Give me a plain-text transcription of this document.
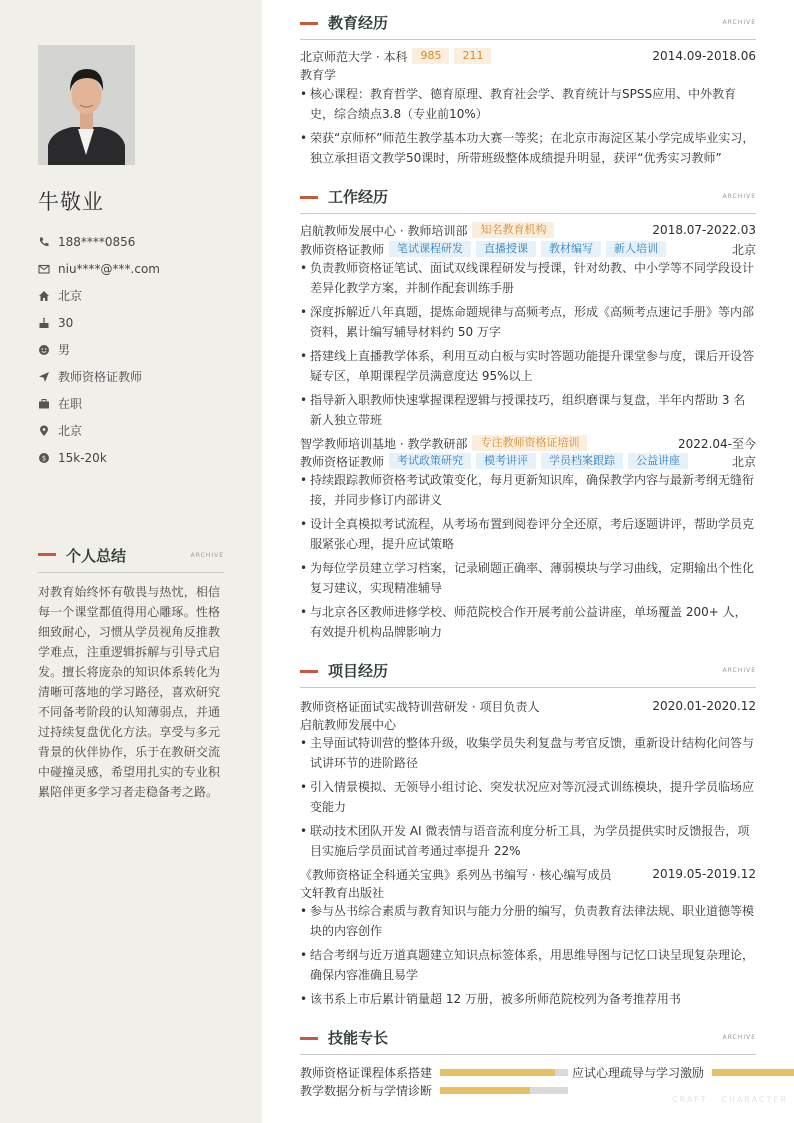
牛敬业
188****0856
niu****@***.com
北京
30
男
教师资格证教师
在职
北京
$ 15k-20k
个人总结	ARCHIVE
对教育始终怀有敬畏与热忱，相信每一个课堂都值得用心雕琢。性格细致耐心，习惯从学员视角反推教学难点，注重逻辑拆解与引导式启发。擅长将庞杂的知识体系转化为清晰可落地的学习路径，喜欢研究不同备考阶段的认知薄弱点，并通过持续复盘优化方法。享受与多元背景的伙伴协作，乐于在教研交流中碰撞灵感，希望用扎实的专业积累陪伴更多学习者走稳备考之路。
教育经历	ARCHIVE
北京师范大学 · 本科	985	211	2014.09-2018.06
教育学
• 核心课程：教育哲学、德育原理、教育社会学、教育统计与SPSS应用、中外教育史，综合绩点3.8（专业前10%）
• 荣获“京师杯”师范生教学基本功大赛一等奖；在北京市海淀区某小学完成毕业实习，独立承担语文教学50课时，所带班级整体成绩提升明显，获评“优秀实习教师”
工作经历	ARCHIVE
启航教师发展中心 · 教师培训部	知名教育机构	2018.07-2022.03
教师资格证教师	笔试课程研发	直播授课	教材编写	新人培训	北京
• 负责教师资格证笔试、面试双线课程研发与授课，针对幼教、中小学等不同学段设计差异化教学方案，并制作配套训练手册
• 深度拆解近八年真题，提炼命题规律与高频考点，形成《高频考点速记手册》等内部资料，累计编写辅导材料约 50 万字
• 搭建线上直播教学体系，利用互动白板与实时答题功能提升课堂参与度，课后开设答疑专区，单期课程学员满意度达 95%以上
• 指导新入职教师快速掌握课程逻辑与授课技巧，组织磨课与复盘，半年内帮助 3 名新人独立带班
智学教师培训基地 · 教学教研部	专注教师资格证培训	2022.04-至今
教师资格证教师	考试政策研究	模考讲评	学员档案跟踪	公益讲座	北京
• 持续跟踪教师资格考试政策变化，每月更新知识库，确保教学内容与最新考纲无缝衔接，并同步修订内部讲义
• 设计全真模拟考试流程，从考场布置到阅卷评分全还原，考后逐题讲评，帮助学员克服紧张心理，提升应试策略
• 为每位学员建立学习档案，记录刷题正确率、薄弱模块与学习曲线，定期输出个性化复习建议，实现精准辅导
• 与北京各区教师进修学校、师范院校合作开展考前公益讲座，单场覆盖 200+ 人，有效提升机构品牌影响力
项目经历	ARCHIVE
教师资格证面试实战特训营研发 · 项目负责人	2020.01-2020.12
启航教师发展中心
• 主导面试特训营的整体升级，收集学员失利复盘与考官反馈，重新设计结构化问答与试讲环节的进阶路径
• 引入情景模拟、无领导小组讨论、突发状况应对等沉浸式训练模块，提升学员临场应变能力
• 联动技术团队开发 AI 微表情与语音流利度分析工具，为学员提供实时反馈报告，项目实施后学员面试首考通过率提升 22%
《教师资格证全科通关宝典》系列丛书编写 · 核心编写成员	2019.05-2019.12
文轩教育出版社
• 参与丛书综合素质与教育知识与能力分册的编写，负责教育法律法规、职业道德等模块的内容创作
• 结合考纲与近万道真题建立知识点标签体系，用思维导图与记忆口诀呈现复杂理论，确保内容准确且易学
• 该书系上市后累计销量超 12 万册，被多所师范院校列为备考推荐用书
技能专长	ARCHIVE
教师资格证课程体系搭建	应试心理疏导与学习激励
教学数据分析与学情诊断
CRAFT · CHARACTER
